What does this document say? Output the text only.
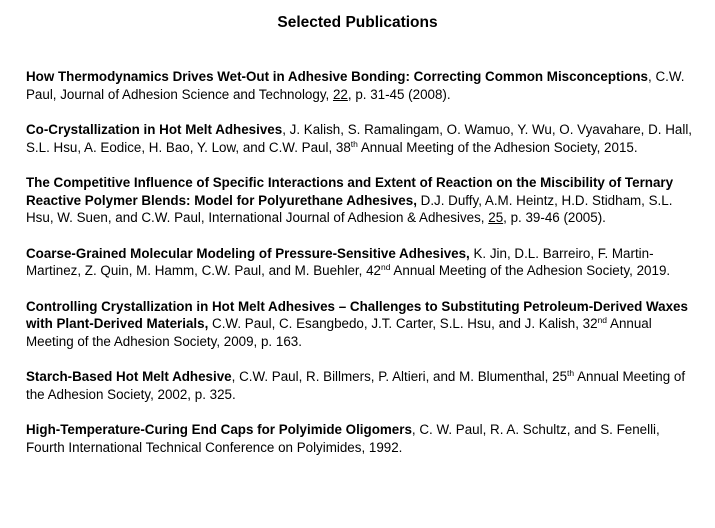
Selected Publications
How Thermodynamics Drives Wet-Out in Adhesive Bonding: Correcting Common Misconceptions, C.W. Paul, Journal of Adhesion Science and Technology, 22, p. 31-45 (2008).
Co-Crystallization in Hot Melt Adhesives, J. Kalish, S. Ramalingam, O. Wamuo, Y. Wu, O. Vyavahare, D. Hall, S.L. Hsu, A. Eodice, H. Bao, Y. Low, and C.W. Paul, 38th Annual Meeting of the Adhesion Society, 2015.
The Competitive Influence of Specific Interactions and Extent of Reaction on the Miscibility of Ternary Reactive Polymer Blends: Model for Polyurethane Adhesives, D.J. Duffy, A.M. Heintz, H.D. Stidham, S.L. Hsu, W. Suen, and C.W. Paul, International Journal of Adhesion & Adhesives, 25, p. 39-46 (2005).
Coarse-Grained Molecular Modeling of Pressure-Sensitive Adhesives, K. Jin, D.L. Barreiro, F. Martin-Martinez, Z. Quin, M. Hamm, C.W. Paul, and M. Buehler, 42nd Annual Meeting of the Adhesion Society, 2019.
Controlling Crystallization in Hot Melt Adhesives – Challenges to Substituting Petroleum-Derived Waxes with Plant-Derived Materials, C.W. Paul, C. Esangbedo, J.T. Carter, S.L. Hsu, and J. Kalish, 32nd Annual Meeting of the Adhesion Society, 2009, p. 163.
Starch-Based Hot Melt Adhesive, C.W. Paul, R. Billmers, P. Altieri, and M. Blumenthal, 25th Annual Meeting of the Adhesion Society, 2002, p. 325.
High-Temperature-Curing End Caps for Polyimide Oligomers, C. W. Paul, R. A. Schultz, and S. Fenelli, Fourth International Technical Conference on Polyimides, 1992.
